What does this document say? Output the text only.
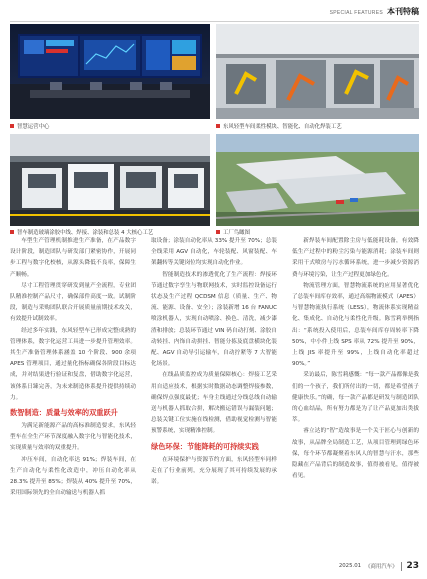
SPECIAL FEATURES 本刊特稿
智慧运营中心	东风轻型车间柔性模块、智能化、自动化焊装工艺
智车制造玻璃涂胶中线、焊接、涂装和总装 4 大核心工艺	工厂鸟瞰图

车型生产管理机制推进生产准备，在产品数字设计阶段，制造团队与研发部门紧密协作，开展同步工程与数字化校核，从源头降低不良率，保障生产顺畅。

尽寸工程管理贯穿研发到量产全流程，专业团队精准控制产品尺寸，确保部件高度一致。试制阶段，制造与采购团队联合开展质量前期技术攻关，有效提升试制效率。

经过多年实践，东风轻型车已形成完整成熟的管理体系，数字化运营工具进一步提升管理效率。其生产准备管理体系涵盖 10 个阶段、900 余项 APES 管理项目，通过量化指标确保各阶段目标达成，并对结果进行验证和复盘，借助数字化运营，该体系日臻完善，为未来制造体系提升提供持续动力。

数智制造：质量与效率的双重跃升

为满足新能源产品的高标准制造要求，东风轻型车在全生产环节深度融入数字化与智能化技术，实现质量与效率的双重提升。

冲压车间，自动化率达 91%；焊装车间，在生产自动化与柔性化改造中，冲压自动化率从 28.3% 提升至 85%；焊装从 40% 提升至 70%，采用国际领先的全自动输送与机器人抓

取设备；涂装自动化率从 33% 提升至 70%；总装全线采用 AGV 自动化，车轮装配、风窗装配、车架翻转等关键岗位均实现自动化作业。

智能制造技术的渗透优化了生产流程：焊接环节通过数字孪生与物联网技术，实时监控设备运行状态及生产过程 QCDSM 信息（质量、生产、物流、能源、设备、安全）；涂装新增 16 台 FANUC 喷涂机器人，实现自动喷涂、换色、清洗，减少漆渣和排放；总装环节通过 VIN 码自动打刻、涂胶自动转挂、内饰自动拼挂、智能分拣及底盘横块化装配、AGV 自动导引运输车，自动拧紧等 7 大智能化场景。

在线品质监控成为质量保障核心：焊接工艺采用自适应技术，根据实时数据动态调整焊接参数，确保焊点强度最优；车身主线通过分线总线自动输送与机器人抓取合拼，解决搬运错误与漏装问题；总装关键工位实施在线检测，借助视觉检测与智能预警系统，实现精准控制。

绿色环保：节能降耗的可持续实践

在环境保护与资源节约方面，东风轻型车同样走在了行业前列，充分展现了其可持续发展的承诺。

新焊装车间配置除尘房与低能耗设备，有效降低生产过程中的粉尘污染与能源消耗；涂装车间则采用干式喷房与污水循环系统，进一步减少资源消费与环境污染，让生产过程更加绿色化。

物流管理方面，智慧物流系统的应用显著优化了总装车间库存效率，通过高端物流模式（APES）与智慧物流执行系统（LESS），物流体系实现精益化、集成化、自动化与柔性化升级。陈雪莉举例指出：“系统投入使用后，总装车间库存周转率下降 50%，中小件上线 SPS 率从 72% 提升至 90%，上线 JIS 率提升至 99%，上线自动化率超过 90%。”

采访最后，陈雪莉感慨：“每一款产品都像是我们的一个孩子，我们所付出的一切，都是希望孩子健康快乐。”的确，每一款产品都是研发与制造团队的心血结晶，所有努力都是为了让产品更加出类拔萃。

睿立达的“智”造故事是一个关于匠心与创新的故事，从品牌全局制造工艺，从项目管理到绿色环保，每个环节都凝聚着东风人的智慧与汗水，那些隐藏在产品背后的制造故事，值得被看见，值得被看见。

2025.01 《商用汽车》 23
